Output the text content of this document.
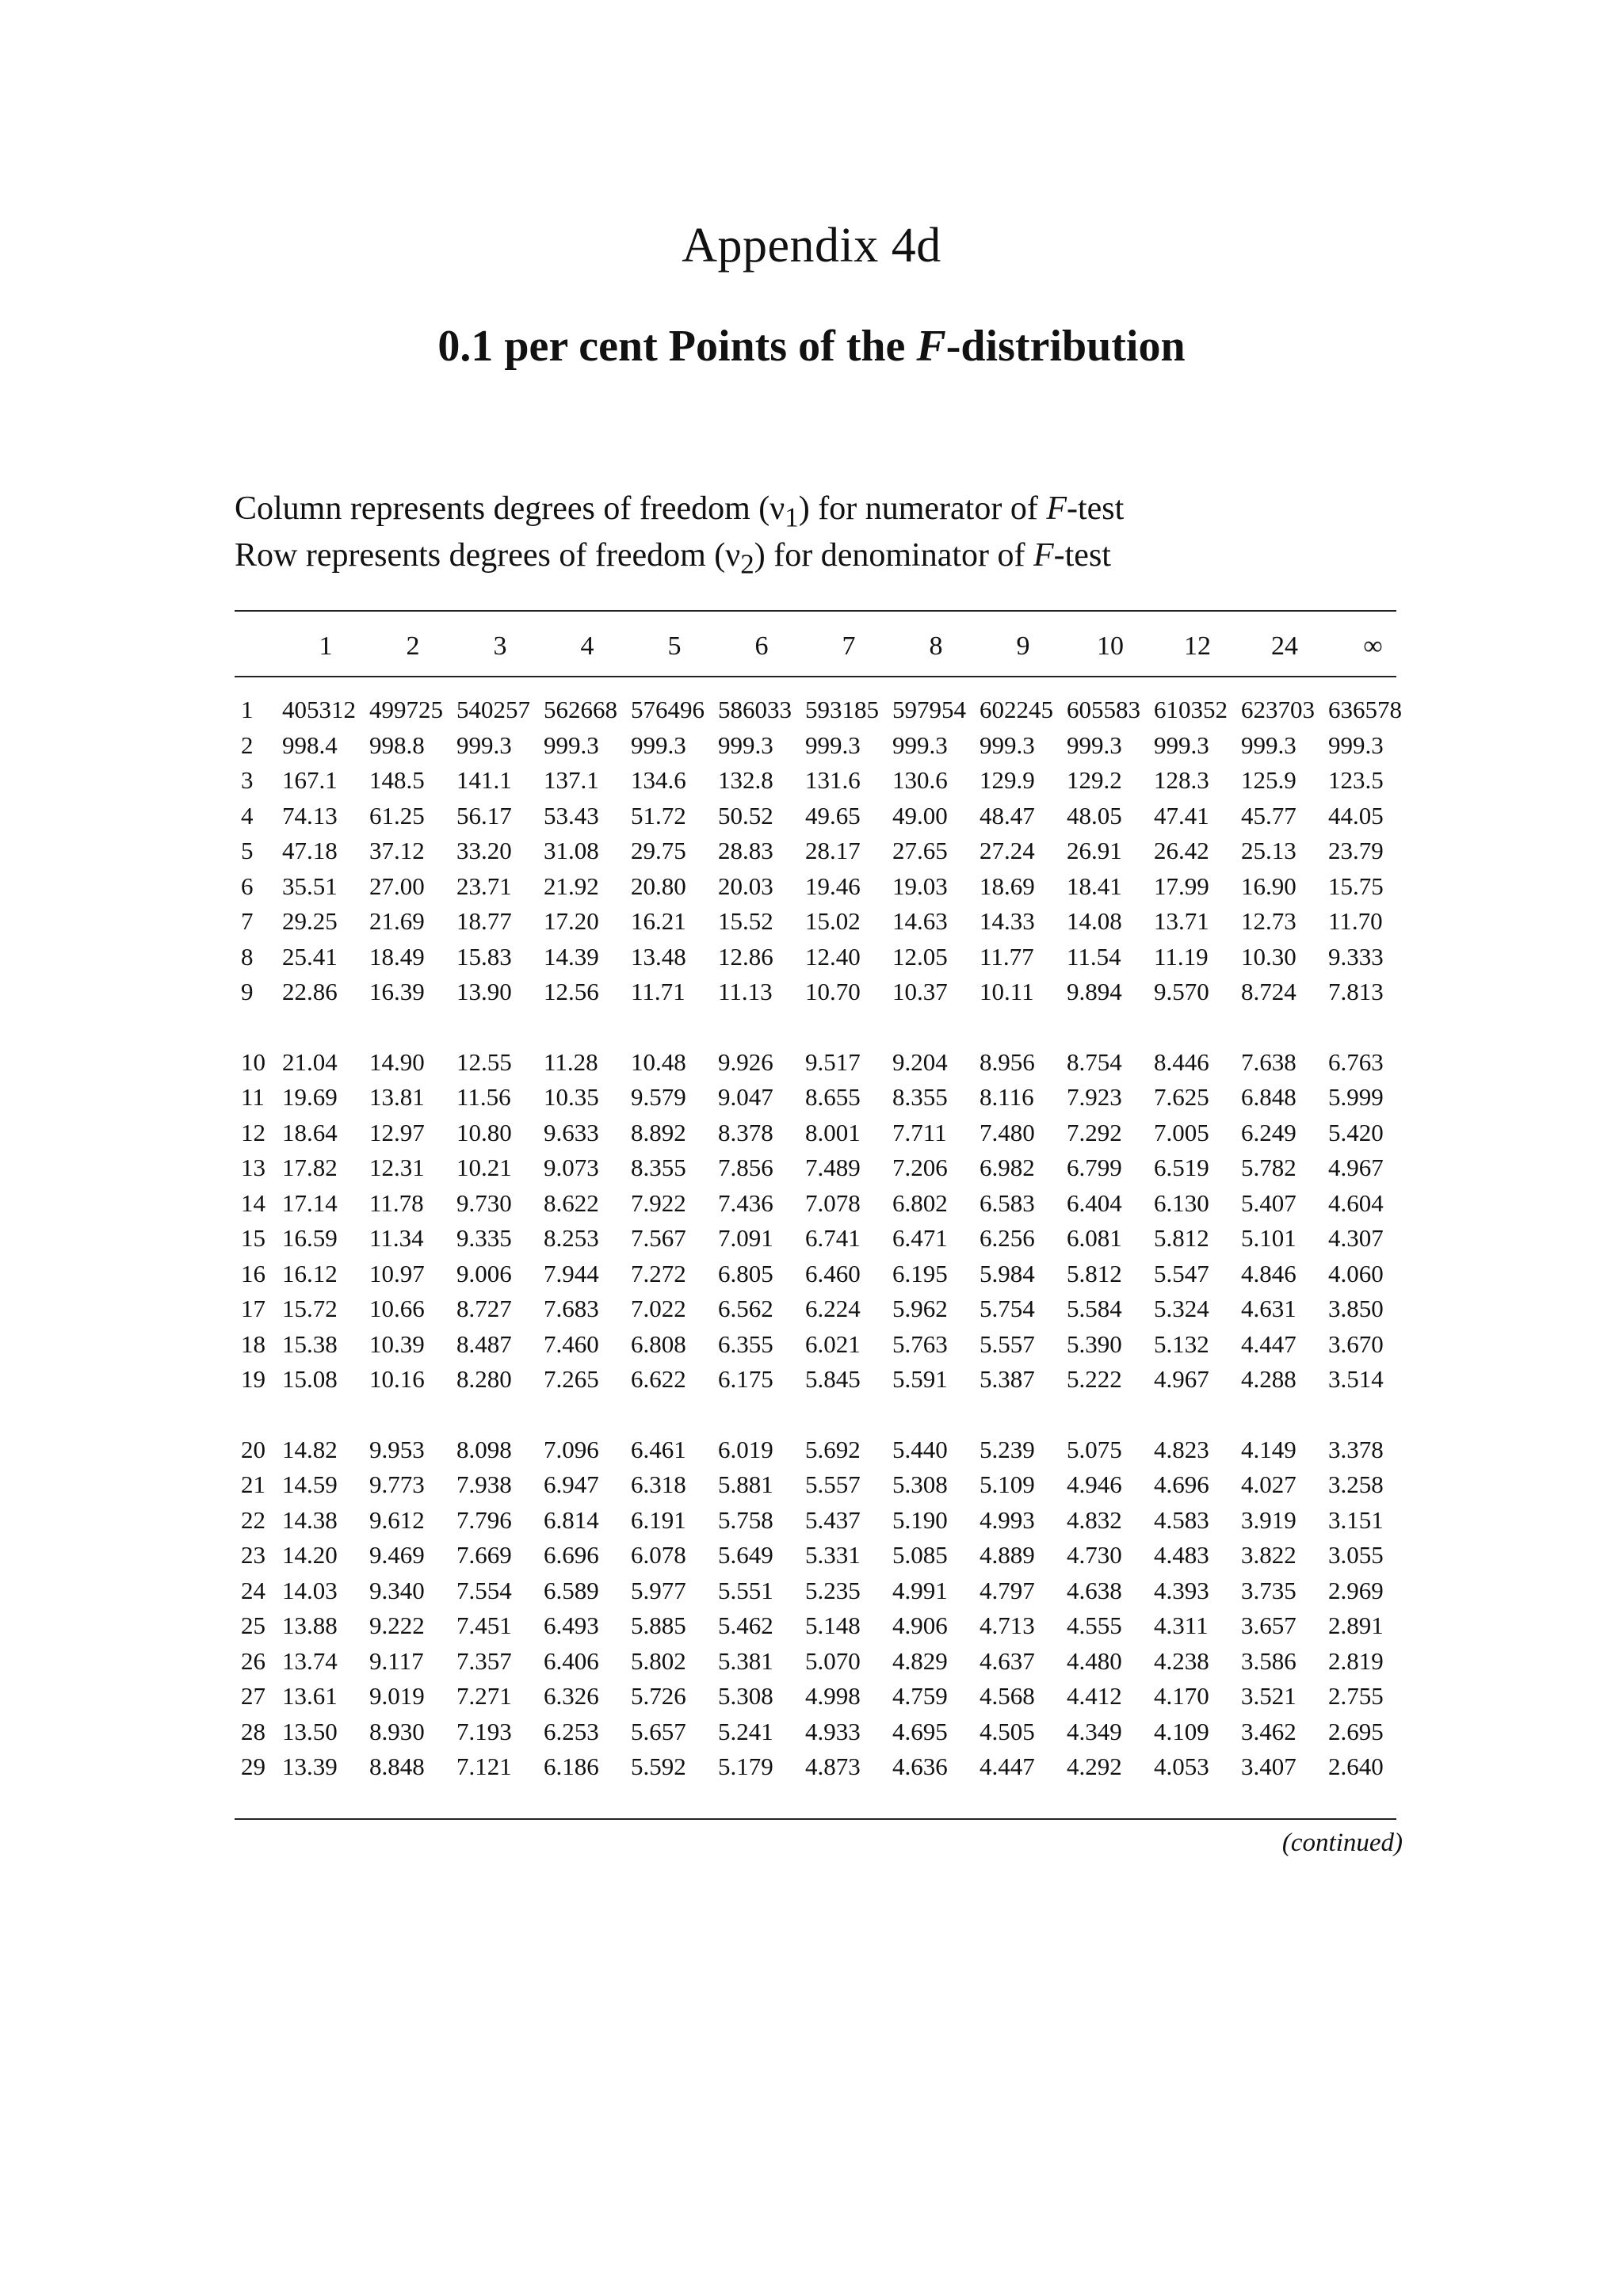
Appendix 4d
0.1 per cent Points of the F-distribution
Column represents degrees of freedom $(\nu_1)$ for numerator of F-test
Row represents degrees of freedom $(\nu_2)$ for denominator of F-test
	1	2	3	4	5	6	7	8	9	10	12	24	∞

1	405312	499725	540257	562668	576496	586033	593185	597954	602245	605583	610352	623703	636578
2	998.4	998.8	999.3	999.3	999.3	999.3	999.3	999.3	999.3	999.3	999.3	999.3	999.3
3	167.1	148.5	141.1	137.1	134.6	132.8	131.6	130.6	129.9	129.2	128.3	125.9	123.5
4	74.13	61.25	56.17	53.43	51.72	50.52	49.65	49.00	48.47	48.05	47.41	45.77	44.05
5	47.18	37.12	33.20	31.08	29.75	28.83	28.17	27.65	27.24	26.91	26.42	25.13	23.79
6	35.51	27.00	23.71	21.92	20.80	20.03	19.46	19.03	18.69	18.41	17.99	16.90	15.75
7	29.25	21.69	18.77	17.20	16.21	15.52	15.02	14.63	14.33	14.08	13.71	12.73	11.70
8	25.41	18.49	15.83	14.39	13.48	12.86	12.40	12.05	11.77	11.54	11.19	10.30	9.333
9	22.86	16.39	13.90	12.56	11.71	11.13	10.70	10.37	10.11	9.894	9.570	8.724	7.813

10	21.04	14.90	12.55	11.28	10.48	9.926	9.517	9.204	8.956	8.754	8.446	7.638	6.763
11	19.69	13.81	11.56	10.35	9.579	9.047	8.655	8.355	8.116	7.923	7.625	6.848	5.999
12	18.64	12.97	10.80	9.633	8.892	8.378	8.001	7.711	7.480	7.292	7.005	6.249	5.420
13	17.82	12.31	10.21	9.073	8.355	7.856	7.489	7.206	6.982	6.799	6.519	5.782	4.967
14	17.14	11.78	9.730	8.622	7.922	7.436	7.078	6.802	6.583	6.404	6.130	5.407	4.604
15	16.59	11.34	9.335	8.253	7.567	7.091	6.741	6.471	6.256	6.081	5.812	5.101	4.307
16	16.12	10.97	9.006	7.944	7.272	6.805	6.460	6.195	5.984	5.812	5.547	4.846	4.060
17	15.72	10.66	8.727	7.683	7.022	6.562	6.224	5.962	5.754	5.584	5.324	4.631	3.850
18	15.38	10.39	8.487	7.460	6.808	6.355	6.021	5.763	5.557	5.390	5.132	4.447	3.670
19	15.08	10.16	8.280	7.265	6.622	6.175	5.845	5.591	5.387	5.222	4.967	4.288	3.514

20	14.82	9.953	8.098	7.096	6.461	6.019	5.692	5.440	5.239	5.075	4.823	4.149	3.378
21	14.59	9.773	7.938	6.947	6.318	5.881	5.557	5.308	5.109	4.946	4.696	4.027	3.258
22	14.38	9.612	7.796	6.814	6.191	5.758	5.437	5.190	4.993	4.832	4.583	3.919	3.151
23	14.20	9.469	7.669	6.696	6.078	5.649	5.331	5.085	4.889	4.730	4.483	3.822	3.055
24	14.03	9.340	7.554	6.589	5.977	5.551	5.235	4.991	4.797	4.638	4.393	3.735	2.969
25	13.88	9.222	7.451	6.493	5.885	5.462	5.148	4.906	4.713	4.555	4.311	3.657	2.891
26	13.74	9.117	7.357	6.406	5.802	5.381	5.070	4.829	4.637	4.480	4.238	3.586	2.819
27	13.61	9.019	7.271	6.326	5.726	5.308	4.998	4.759	4.568	4.412	4.170	3.521	2.755
28	13.50	8.930	7.193	6.253	5.657	5.241	4.933	4.695	4.505	4.349	4.109	3.462	2.695
29	13.39	8.848	7.121	6.186	5.592	5.179	4.873	4.636	4.447	4.292	4.053	3.407	2.640
(continued)
